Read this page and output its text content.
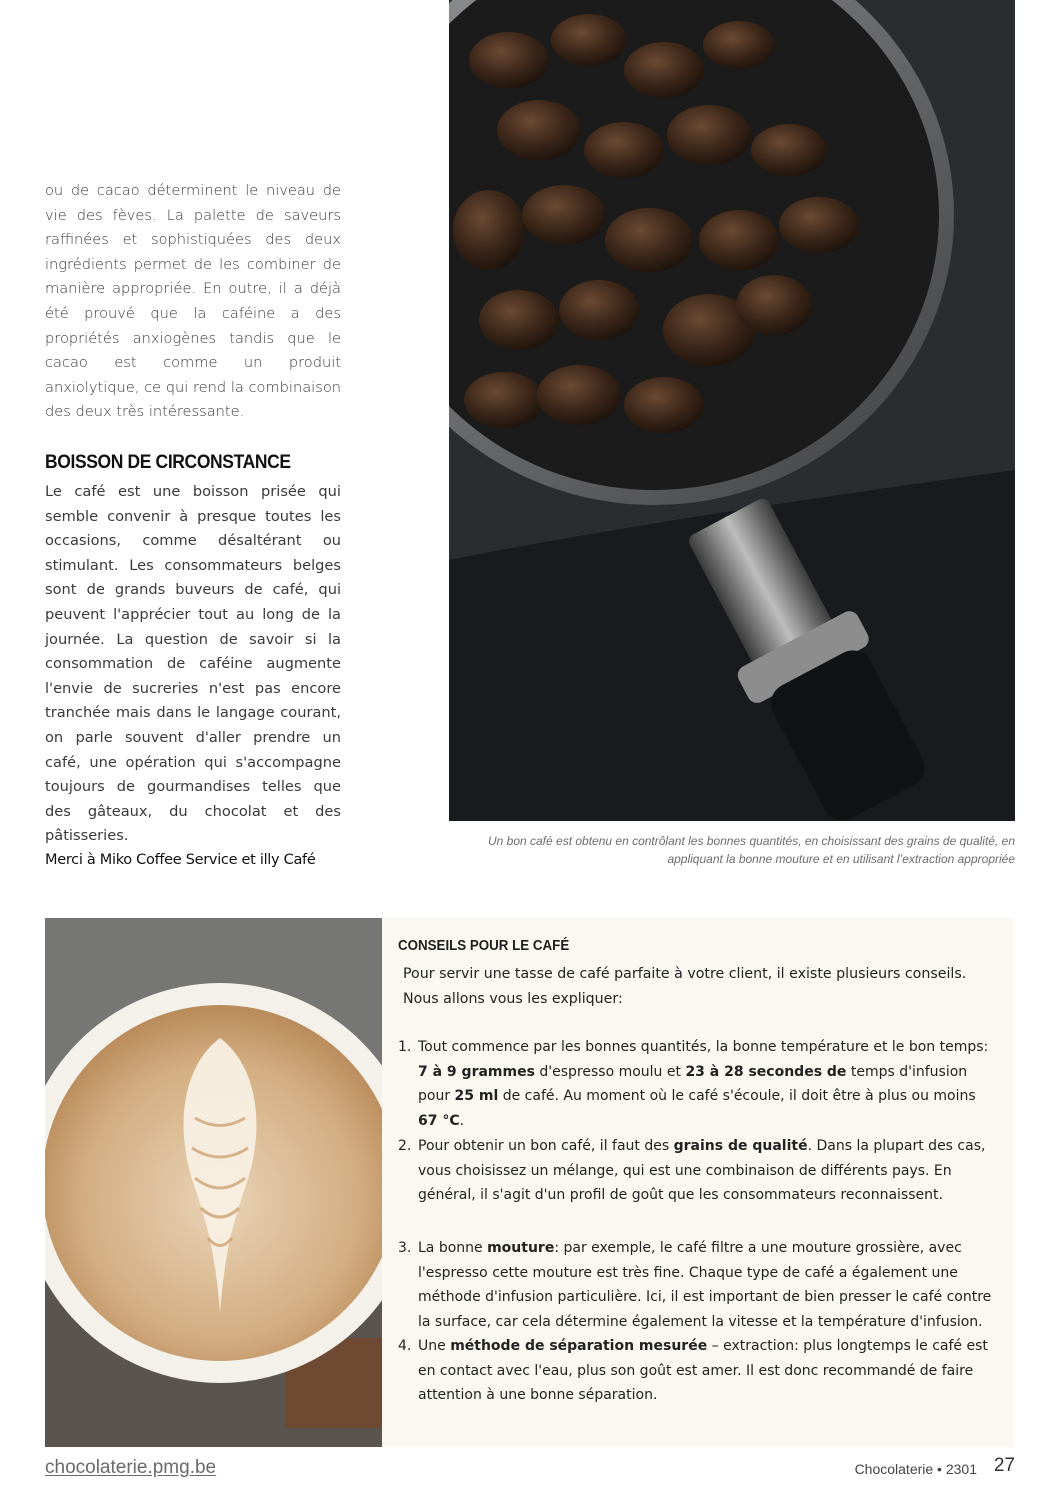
ou de cacao déterminent le niveau de vie des fèves. La palette de saveurs raffinées et sophistiquées des deux ingrédients permet de les combiner de manière appropriée. En outre, il a déjà été prouvé que la caféine a des propriétés anxiogènes tandis que le cacao est comme un produit anxiolytique, ce qui rend la combinaison des deux très intéressante.

BOISSON DE CIRCONSTANCE
Le café est une boisson prisée qui semble convenir à presque toutes les occasions, comme désaltérant ou stimulant. Les consommateurs belges sont de grands buveurs de café, qui peuvent l'apprécier tout au long de la journée. La question de savoir si la consommation de caféine augmente l'envie de sucreries n'est pas encore tranchée mais dans le langage courant, on parle souvent d'aller prendre un café, une opération qui s'accompagne toujours de gourmandises telles que des gâteaux, du chocolat et des pâtisseries.
Merci à Miko Coffee Service et illy Café
Un bon café est obtenu en contrôlant les bonnes quantités, en choisissant des grains de qualité, en
appliquant la bonne mouture et en utilisant l’extraction appropriée
CONSEILS POUR LE CAFÉ
Pour servir une tasse de café parfaite à votre client, il existe plusieurs conseils.
Nous allons vous les expliquer:
1. Tout commence par les bonnes quantités, la bonne température et le bon temps: 7 à 9 grammes d'espresso moulu et 23 à 28 secondes de temps d'infusion pour 25 ml de café. Au moment où le café s'écoule, il doit être à plus ou moins 67 °C.
2. Pour obtenir un bon café, il faut des grains de qualité. Dans la plupart des cas, vous choisissez un mélange, qui est une combinaison de différents pays. En général, il s'agit d'un profil de goût que les consommateurs reconnaissent.
3. La bonne mouture: par exemple, le café filtre a une mouture grossière, avec l'espresso cette mouture est très fine. Chaque type de café a également une méthode d'infusion particulière. Ici, il est important de bien presser le café contre la surface, car cela détermine également la vitesse et la température d'infusion.
4. Une méthode de séparation mesurée – extraction: plus longtemps le café est en contact avec l'eau, plus son goût est amer. Il est donc recommandé de faire attention à une bonne séparation.
chocolaterie.pmg.be	Chocolaterie • 2301 27
